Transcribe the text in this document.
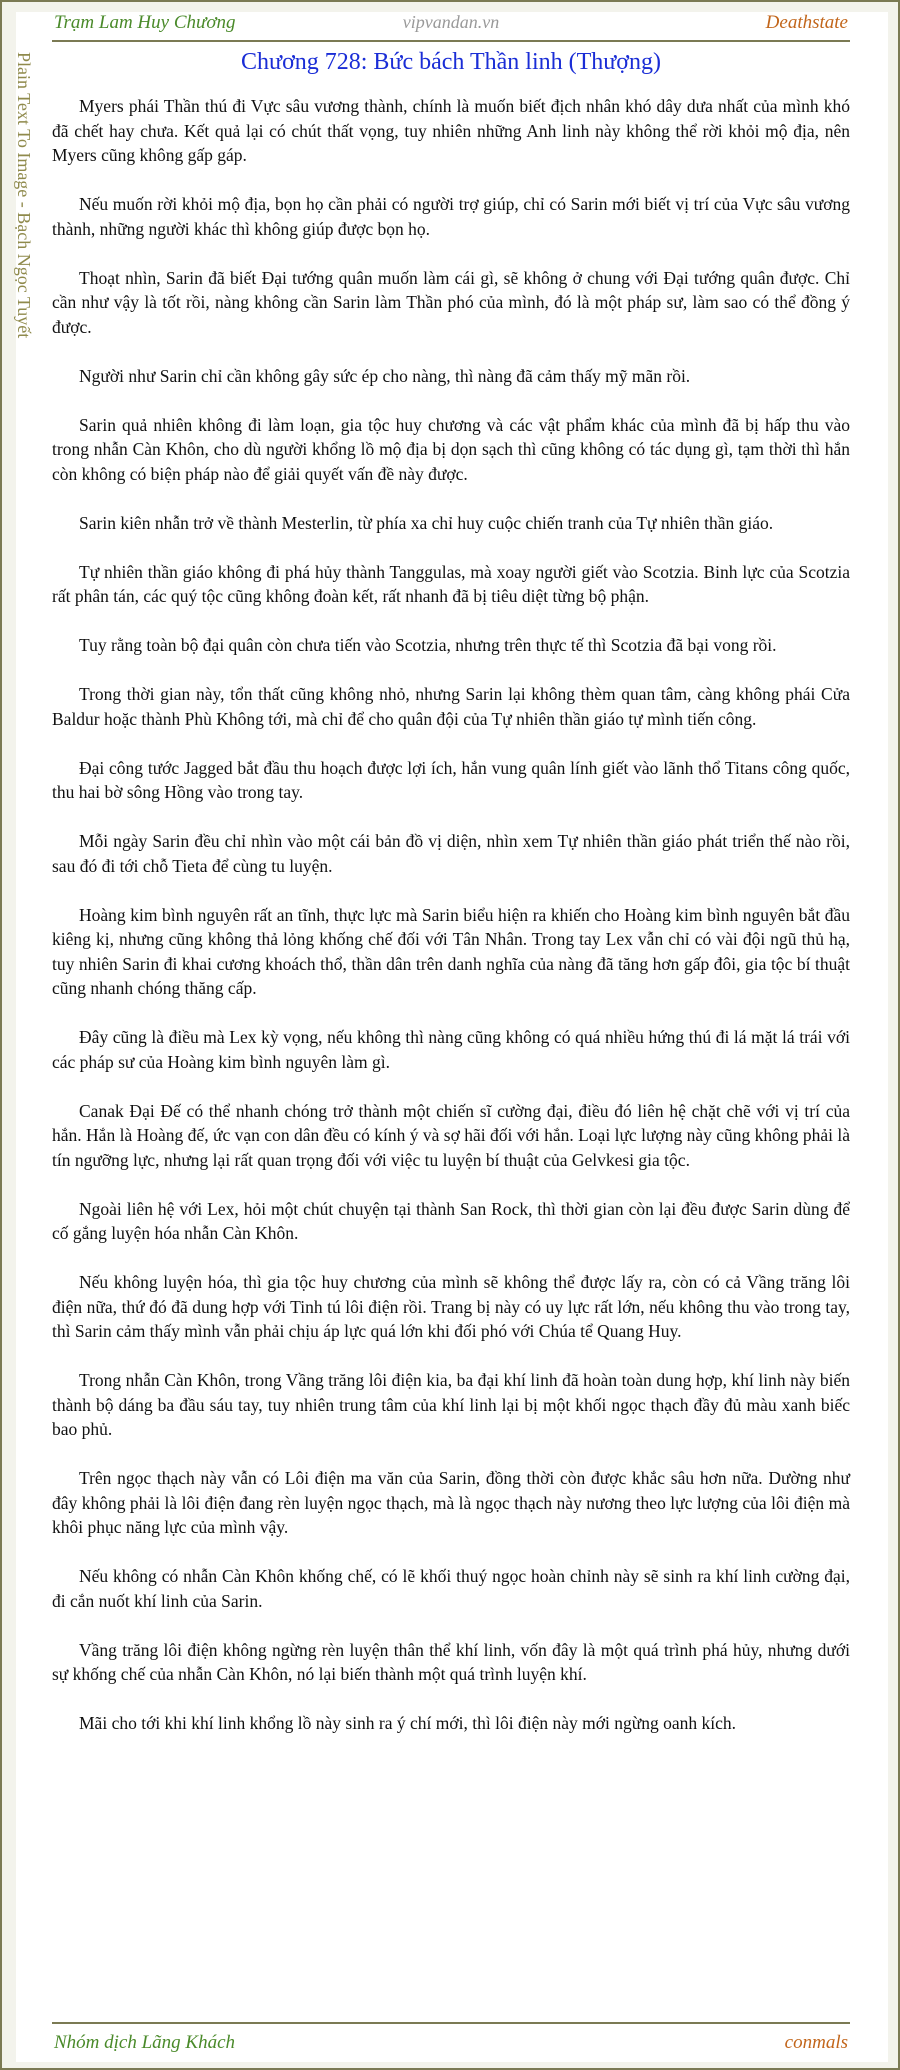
Trạm Lam Huy Chương	vipvandan.vn	Deathstate
Plain Text To Image - Bạch Ngọc Tuyết	Chương 728: Bức bách Thần linh (Thượng)

Myers phái Thần thú đi Vực sâu vương thành, chính là muốn biết địch nhân khó dây dưa nhất của mình khó đã chết hay chưa. Kết quả lại có chút thất vọng, tuy nhiên những Anh linh này không thể rời khỏi mộ địa, nên Myers cũng không gấp gáp.

Nếu muốn rời khỏi mộ địa, bọn họ cần phải có người trợ giúp, chỉ có Sarin mới biết vị trí của Vực sâu vương thành, những người khác thì không giúp được bọn họ.

Thoạt nhìn, Sarin đã biết Đại tướng quân muốn làm cái gì, sẽ không ở chung với Đại tướng quân được. Chỉ cần như vậy là tốt rồi, nàng không cần Sarin làm Thần phó của mình, đó là một pháp sư, làm sao có thể đồng ý được.

Người như Sarin chỉ cần không gây sức ép cho nàng, thì nàng đã cảm thấy mỹ mãn rồi.

Sarin quả nhiên không đi làm loạn, gia tộc huy chương và các vật phẩm khác của mình đã bị hấp thu vào trong nhẫn Càn Khôn, cho dù người khổng lồ mộ địa bị dọn sạch thì cũng không có tác dụng gì, tạm thời thì hắn còn không có biện pháp nào để giải quyết vấn đề này được.

Sarin kiên nhẫn trở về thành Mesterlin, từ phía xa chỉ huy cuộc chiến tranh của Tự nhiên thần giáo.

Tự nhiên thần giáo không đi phá hủy thành Tanggulas, mà xoay người giết vào Scotzia. Binh lực của Scotzia rất phân tán, các quý tộc cũng không đoàn kết, rất nhanh đã bị tiêu diệt từng bộ phận.

Tuy rằng toàn bộ đại quân còn chưa tiến vào Scotzia, nhưng trên thực tế thì Scotzia đã bại vong rồi.

Trong thời gian này, tổn thất cũng không nhỏ, nhưng Sarin lại không thèm quan tâm, càng không phái Cửa Baldur hoặc thành Phù Không tới, mà chỉ để cho quân đội của Tự nhiên thần giáo tự mình tiến công.

Đại công tước Jagged bắt đầu thu hoạch được lợi ích, hắn vung quân lính giết vào lãnh thổ Titans công quốc, thu hai bờ sông Hồng vào trong tay.

Mỗi ngày Sarin đều chỉ nhìn vào một cái bản đồ vị diện, nhìn xem Tự nhiên thần giáo phát triển thế nào rồi, sau đó đi tới chỗ Tieta để cùng tu luyện.

Hoàng kim bình nguyên rất an tĩnh, thực lực mà Sarin biểu hiện ra khiến cho Hoàng kim bình nguyên bắt đầu kiêng kị, nhưng cũng không thả lỏng khống chế đối với Tân Nhân. Trong tay Lex vẫn chỉ có vài đội ngũ thủ hạ, tuy nhiên Sarin đi khai cương khoách thổ, thần dân trên danh nghĩa của nàng đã tăng hơn gấp đôi, gia tộc bí thuật cũng nhanh chóng thăng cấp.

Đây cũng là điều mà Lex kỳ vọng, nếu không thì nàng cũng không có quá nhiều hứng thú đi lá mặt lá trái với các pháp sư của Hoàng kim bình nguyên làm gì.

Canak Đại Đế có thể nhanh chóng trở thành một chiến sĩ cường đại, điều đó liên hệ chặt chẽ với vị trí của hắn. Hắn là Hoàng đế, ức vạn con dân đều có kính ý và sợ hãi đối với hắn. Loại lực lượng này cũng không phải là tín ngưỡng lực, nhưng lại rất quan trọng đối với việc tu luyện bí thuật của Gelvkesi gia tộc.

Ngoài liên hệ với Lex, hỏi một chút chuyện tại thành San Rock, thì thời gian còn lại đều được Sarin dùng để cố gắng luyện hóa nhẫn Càn Khôn.

Nếu không luyện hóa, thì gia tộc huy chương của mình sẽ không thể được lấy ra, còn có cả Vầng trăng lôi điện nữa, thứ đó đã dung hợp với Tinh tú lôi điện rồi. Trang bị này có uy lực rất lớn, nếu không thu vào trong tay, thì Sarin cảm thấy mình vẫn phải chịu áp lực quá lớn khi đối phó với Chúa tể Quang Huy.

Trong nhẫn Càn Khôn, trong Vầng trăng lôi điện kia, ba đại khí linh đã hoàn toàn dung hợp, khí linh này biến thành bộ dáng ba đầu sáu tay, tuy nhiên trung tâm của khí linh lại bị một khối ngọc thạch đầy đủ màu xanh biếc bao phủ.

Trên ngọc thạch này vẫn có Lôi điện ma văn của Sarin, đồng thời còn được khắc sâu hơn nữa. Dường như đây không phải là lôi điện đang rèn luyện ngọc thạch, mà là ngọc thạch này nương theo lực lượng của lôi điện mà khôi phục năng lực của mình vậy.

Nếu không có nhẫn Càn Khôn khống chế, có lẽ khối thuý ngọc hoàn chỉnh này sẽ sinh ra khí linh cường đại, đi cắn nuốt khí linh của Sarin.

Vầng trăng lôi điện không ngừng rèn luyện thân thể khí linh, vốn đây là một quá trình phá hủy, nhưng dưới sự khống chế của nhẫn Càn Khôn, nó lại biến thành một quá trình luyện khí.

Mãi cho tới khi khí linh khổng lồ này sinh ra ý chí mới, thì lôi điện này mới ngừng oanh kích.

Nhóm dịch Lãng Khách	conmals
